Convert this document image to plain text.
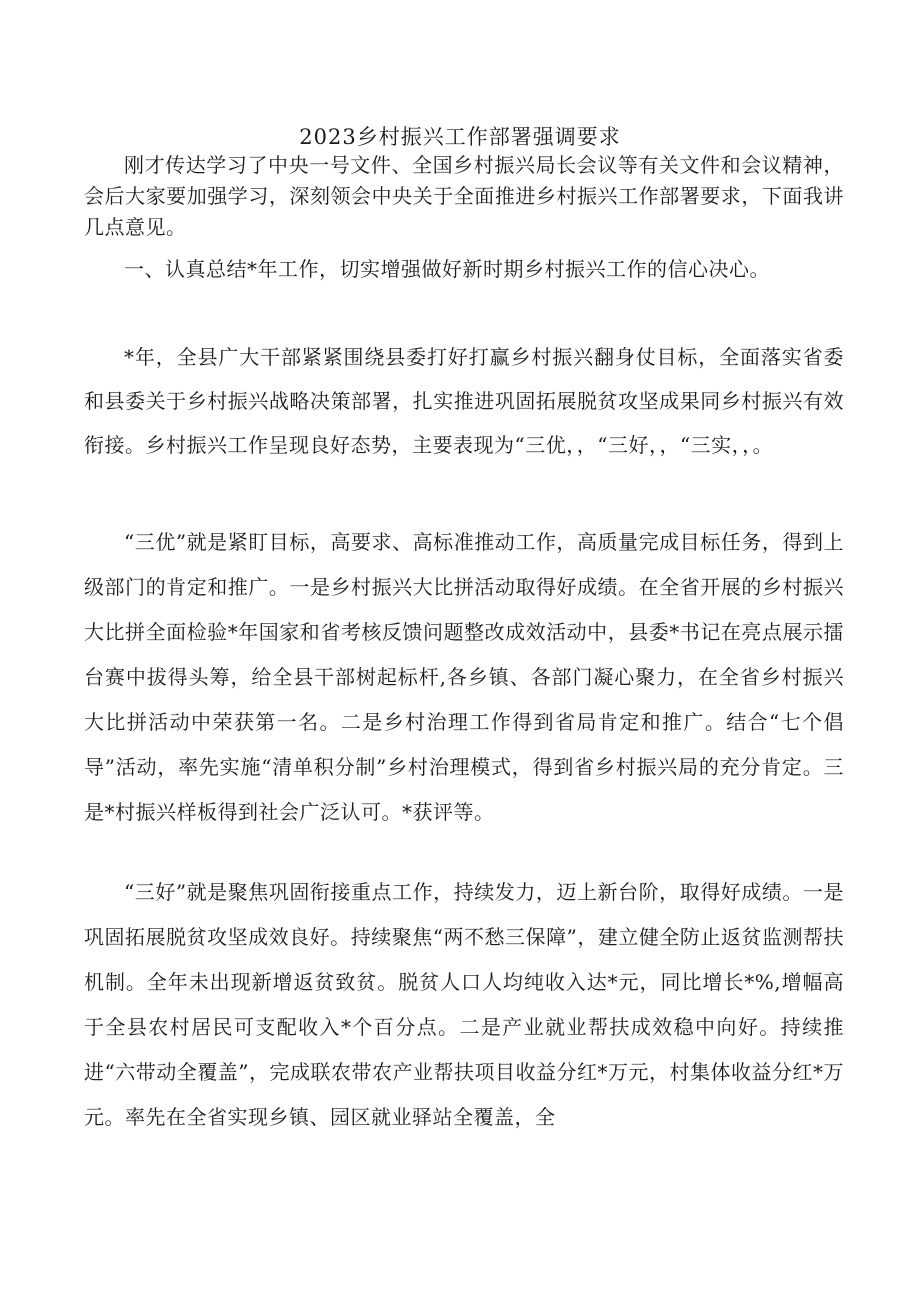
2023乡村振兴工作部署强调要求

刚才传达学习了中央一号文件、全国乡村振兴局长会议等有关文件和会议精神，会后大家要加强学习，深刻领会中央关于全面推进乡村振兴工作部署要求，下面我讲几点意见。

一、认真总结*年工作，切实增强做好新时期乡村振兴工作的信心决心。

*年，全县广大干部紧紧围绕县委打好打赢乡村振兴翻身仗目标，全面落实省委和县委关于乡村振兴战略决策部署，扎实推进巩固拓展脱贫攻坚成果同乡村振兴有效衔接。乡村振兴工作呈现良好态势，主要表现为“三优，，“三好，，“三实，，。

“三优”就是紧盯目标，高要求、高标准推动工作，高质量完成目标任务，得到上级部门的肯定和推广。一是乡村振兴大比拼活动取得好成绩。在全省开展的乡村振兴大比拼全面检验*年国家和省考核反馈问题整改成效活动中，县委*书记在亮点展示擂台赛中拔得头筹，给全县干部树起标杆,各乡镇、各部门凝心聚力，在全省乡村振兴大比拼活动中荣获第一名。二是乡村治理工作得到省局肯定和推广。结合“七个倡导”活动，率先实施“清单积分制”乡村治理模式，得到省乡村振兴局的充分肯定。三是*村振兴样板得到社会广泛认可。*获评等。

“三好”就是聚焦巩固衔接重点工作，持续发力，迈上新台阶，取得好成绩。一是巩固拓展脱贫攻坚成效良好。持续聚焦“两不愁三保障”，建立健全防止返贫监测帮扶机制。全年未出现新增返贫致贫。脱贫人口人均纯收入达*元，同比增长*%,增幅高于全县农村居民可支配收入*个百分点。二是产业就业帮扶成效稳中向好。持续推进“六带动全覆盖”，完成联农带农产业帮扶项目收益分红*万元，村集体收益分红*万元。率先在全省实现乡镇、园区就业驿站全覆盖，全
